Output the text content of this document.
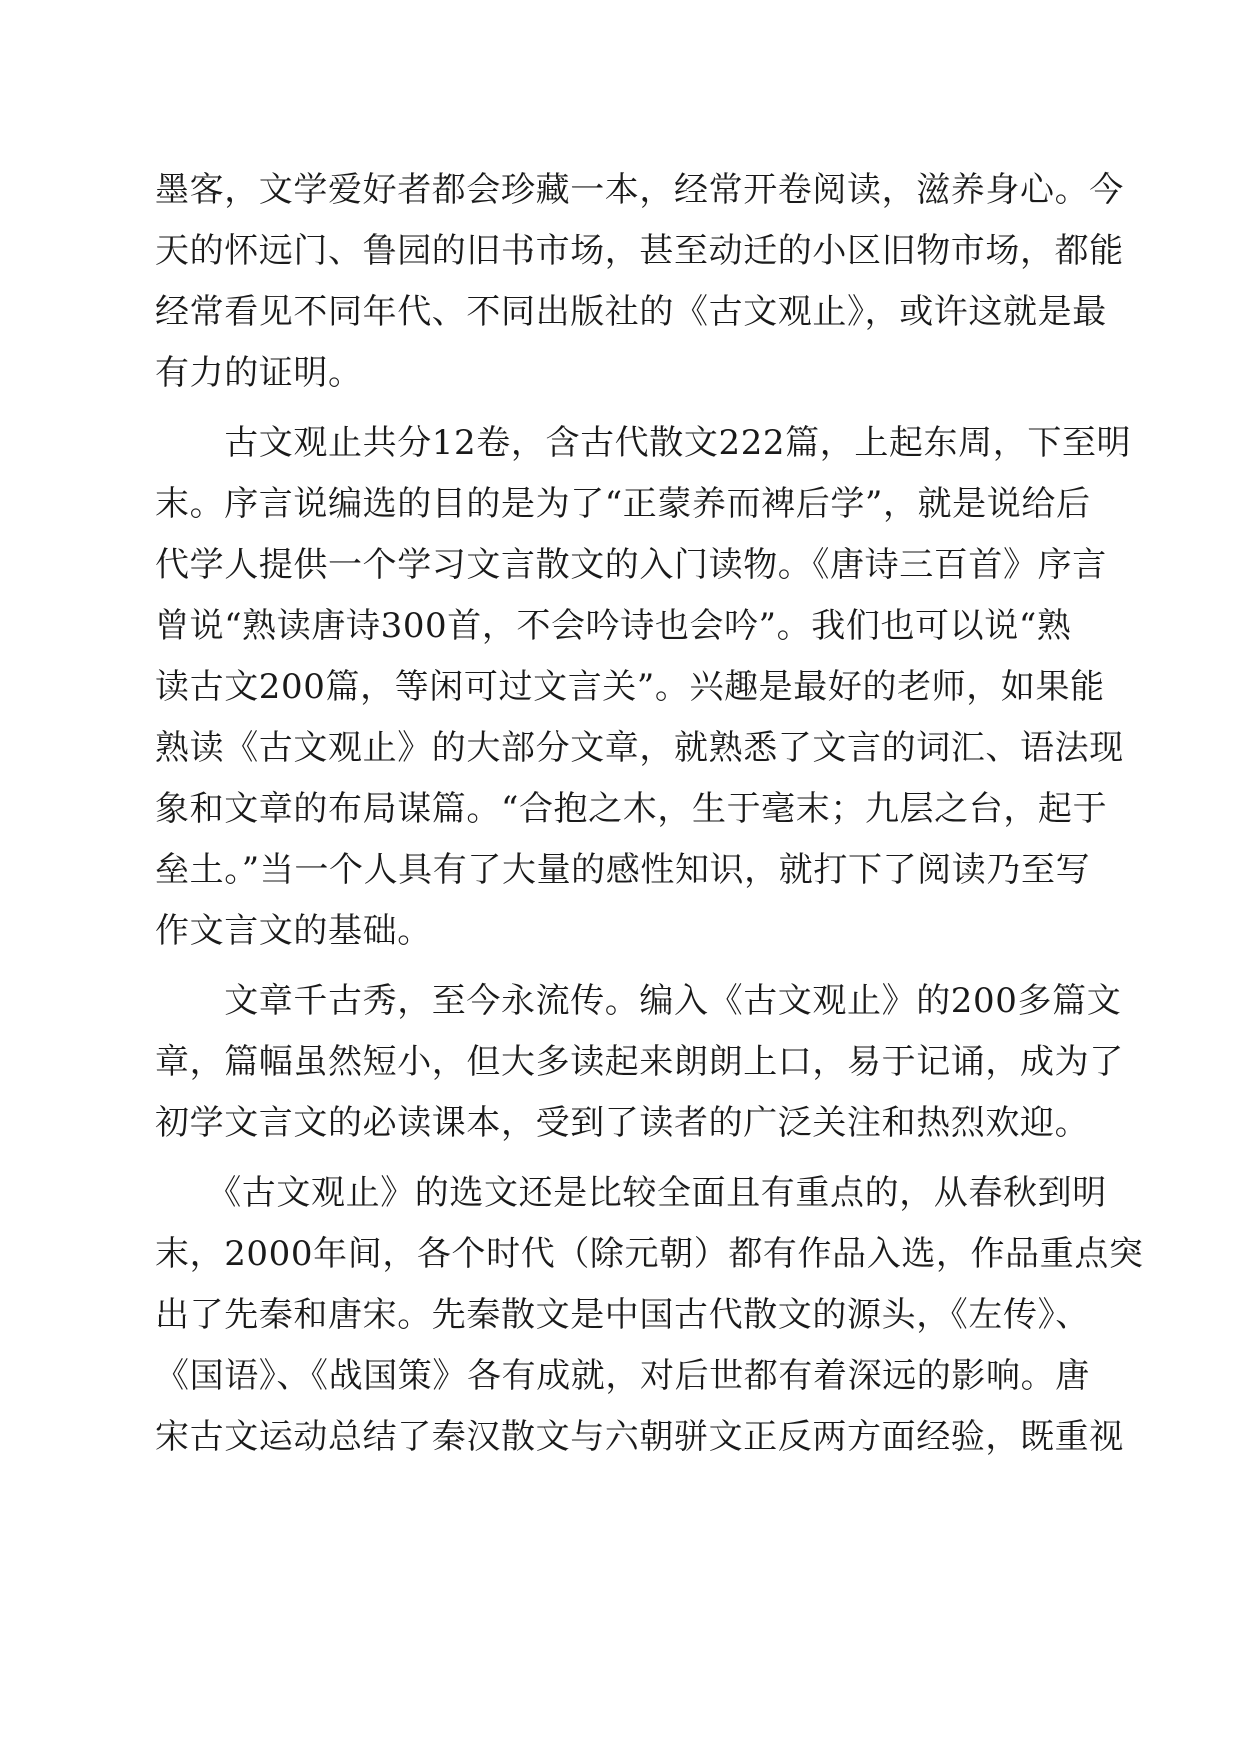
墨客，文学爱好者都会珍藏一本，经常开卷阅读，滋养身心。今
天的怀远门、鲁园的旧书市场，甚至动迁的小区旧物市场，都能
经常看见不同年代、不同出版社的《古文观止》，或许这就是最
有力的证明。
　　古文观止共分12卷，含古代散文222篇，上起东周，下至明
末。序言说编选的目的是为了“正蒙养而裨后学”，就是说给后
代学人提供一个学习文言散文的入门读物。《唐诗三百首》序言
曾说“熟读唐诗300首，不会吟诗也会吟”。我们也可以说“熟
读古文200篇，等闲可过文言关”。兴趣是最好的老师，如果能
熟读《古文观止》的大部分文章，就熟悉了文言的词汇、语法现
象和文章的布局谋篇。“合抱之木，生于毫末；九层之台，起于
垒土。”当一个人具有了大量的感性知识，就打下了阅读乃至写
作文言文的基础。
　　文章千古秀，至今永流传。编入《古文观止》的200多篇文
章，篇幅虽然短小，但大多读起来朗朗上口，易于记诵，成为了
初学文言文的必读课本，受到了读者的广泛关注和热烈欢迎。
　　《古文观止》的选文还是比较全面且有重点的，从春秋到明
末，2000年间，各个时代（除元朝）都有作品入选，作品重点突
出了先秦和唐宋。先秦散文是中国古代散文的源头，《左传》、
《国语》、《战国策》各有成就，对后世都有着深远的影响。唐
宋古文运动总结了秦汉散文与六朝骈文正反两方面经验，既重视
